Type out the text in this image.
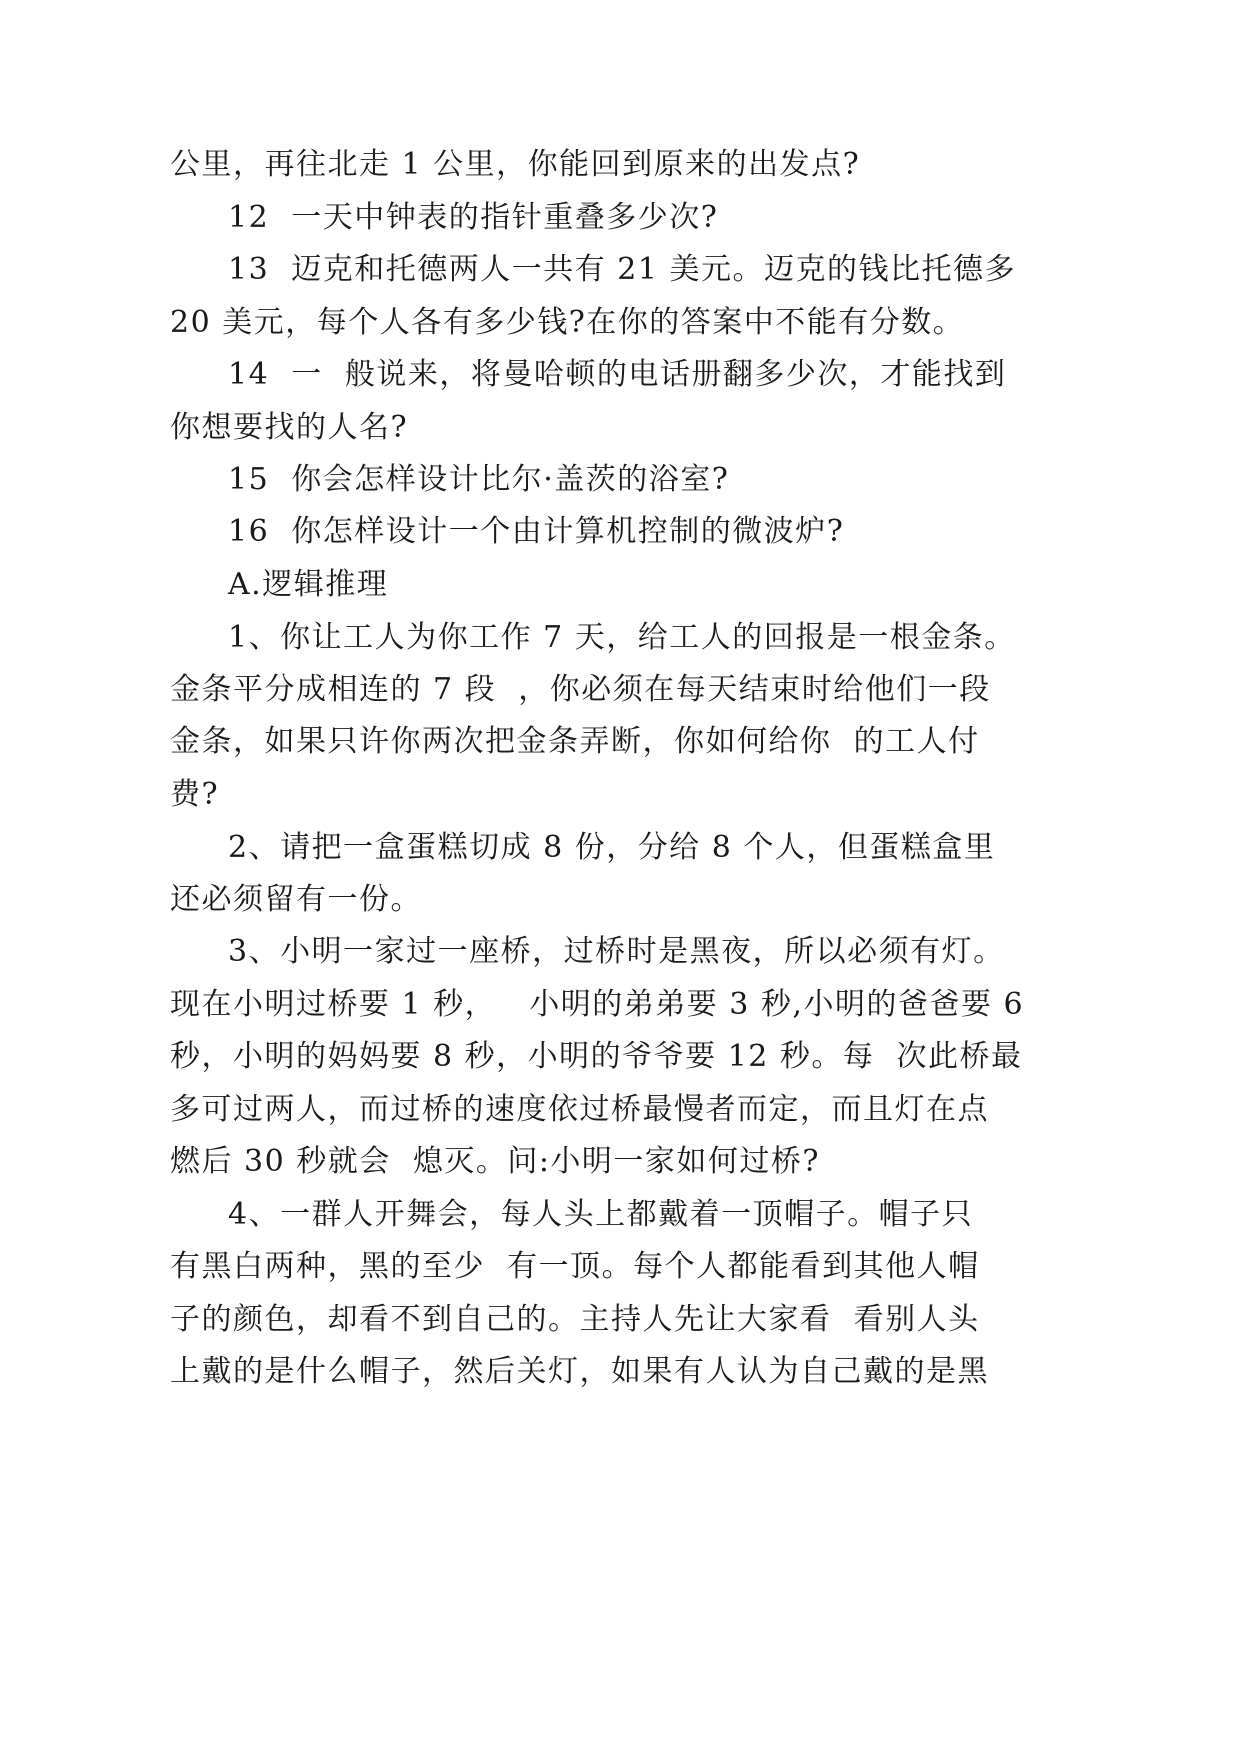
公里，再往北走 1 公里，你能回到原来的出发点?
12  一天中钟表的指针重叠多少次?
13  迈克和托德两人一共有 21 美元。迈克的钱比托德多
20 美元，每个人各有多少钱?在你的答案中不能有分数。
14  一  般说来，将曼哈顿的电话册翻多少次，才能找到
你想要找的人名?
15  你会怎样设计比尔·盖茨的浴室?
16  你怎样设计一个由计算机控制的微波炉?
A.逻辑推理
1、你让工人为你工作 7 天，给工人的回报是一根金条。
金条平分成相连的 7 段  ，你必须在每天结束时给他们一段
金条，如果只许你两次把金条弄断，你如何给你  的工人付
费?
2、请把一盒蛋糕切成 8 份，分给 8 个人，但蛋糕盒里
还必须留有一份。
3、小明一家过一座桥，过桥时是黑夜，所以必须有灯。
现在小明过桥要 1 秒，   小明的弟弟要 3 秒,小明的爸爸要 6
秒，小明的妈妈要 8 秒，小明的爷爷要 12 秒。每  次此桥最
多可过两人，而过桥的速度依过桥最慢者而定，而且灯在点
燃后 30 秒就会  熄灭。问:小明一家如何过桥?
4、一群人开舞会，每人头上都戴着一顶帽子。帽子只
有黑白两种，黑的至少  有一顶。每个人都能看到其他人帽
子的颜色，却看不到自己的。主持人先让大家看  看别人头
上戴的是什么帽子，然后关灯，如果有人认为自己戴的是黑
